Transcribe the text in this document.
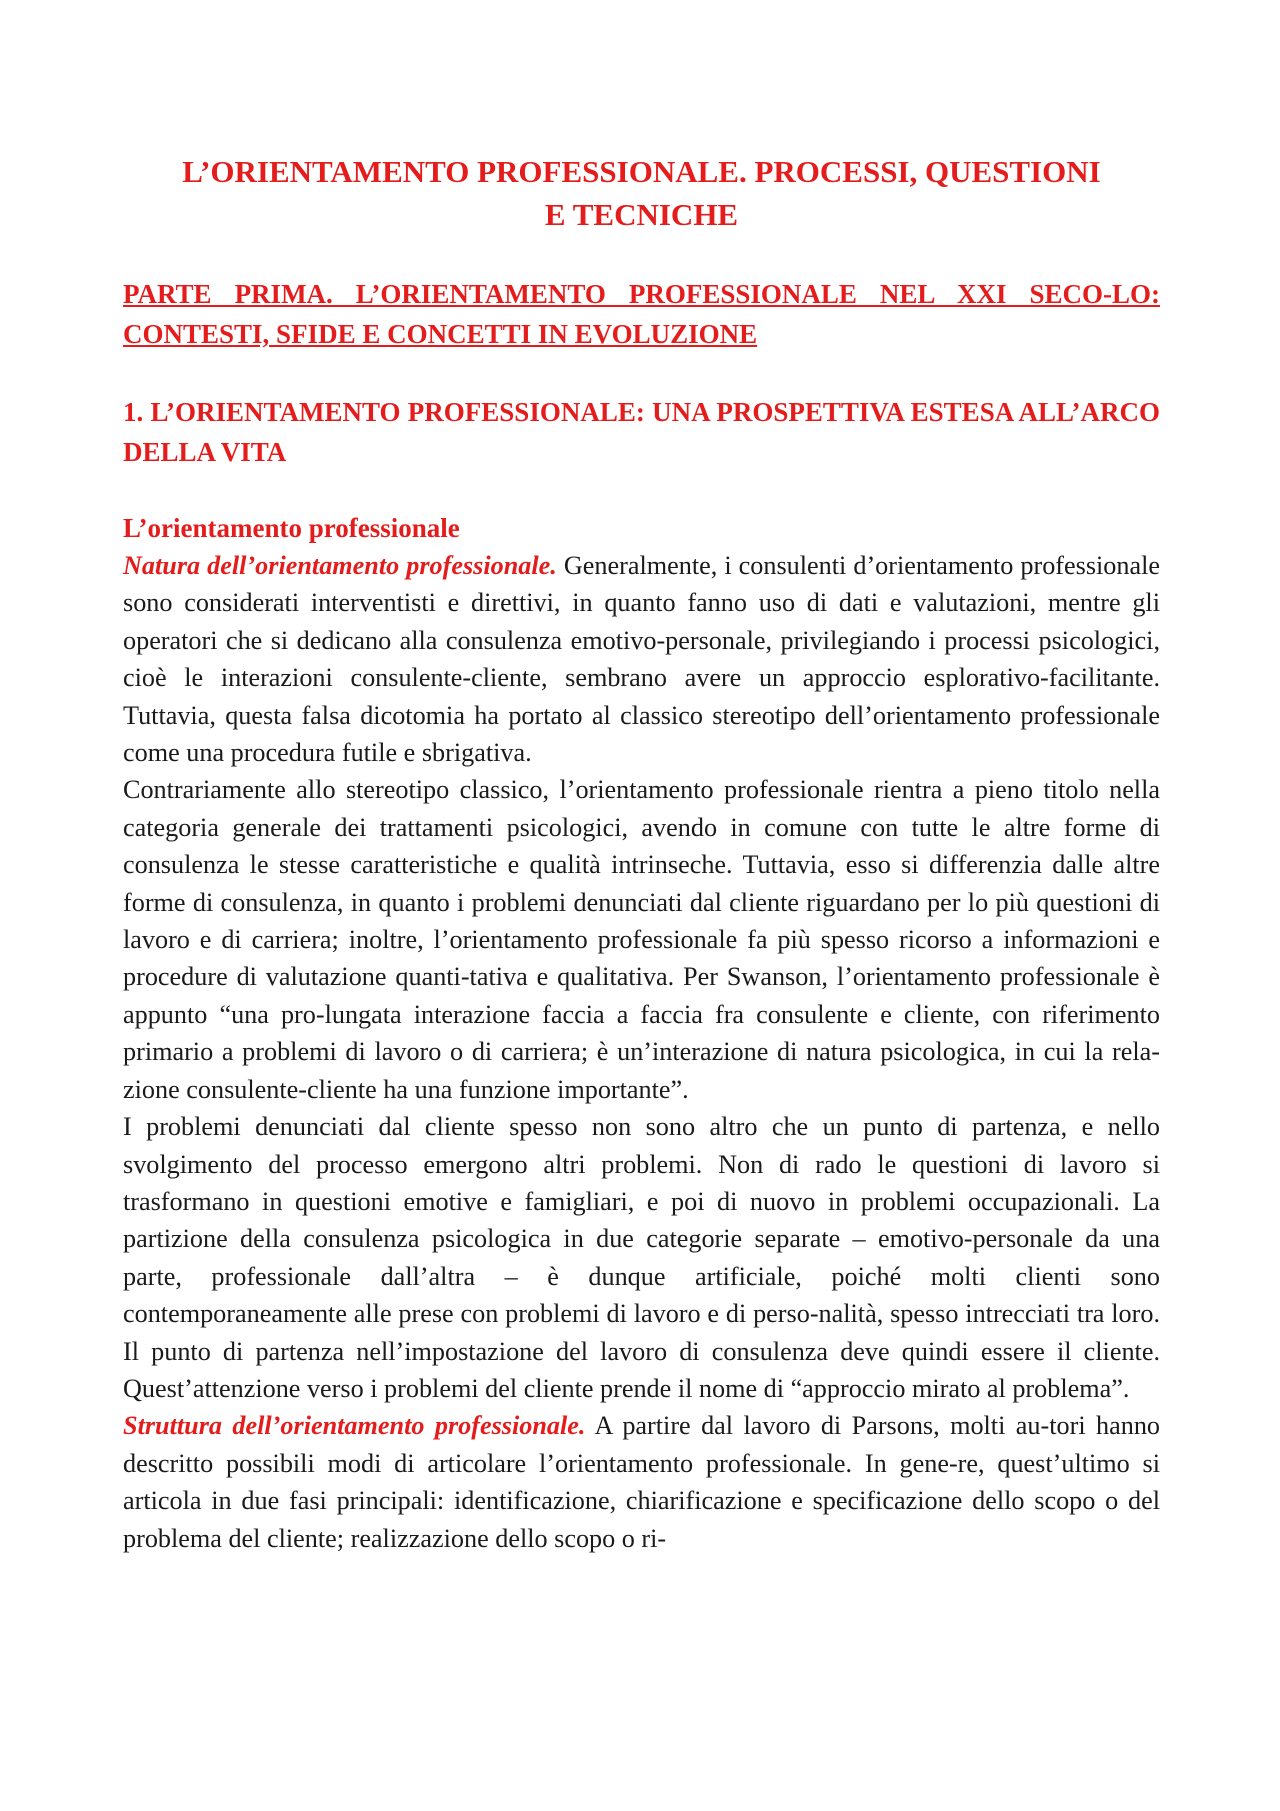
L’ORIENTAMENTO PROFESSIONALE. PROCESSI, QUESTIONI
E TECNICHE
PARTE PRIMA. L’ORIENTAMENTO PROFESSIONALE NEL XXI SECO-LO: CONTESTI, SFIDE E CONCETTI IN EVOLUZIONE
1. L’ORIENTAMENTO PROFESSIONALE: UNA PROSPETTIVA ESTESA ALL’ARCO DELLA VITA
L’orientamento professionale

Natura dell’orientamento professionale. Generalmente, i consulenti d’orientamento professionale sono considerati interventisti e direttivi, in quanto fanno uso di dati e valutazioni, mentre gli operatori che si dedicano alla consulenza emotivo-personale, privilegiando i processi psicologici, cioè le interazioni consulente-cliente, sembrano avere un approccio esplorativo-facilitante. Tuttavia, questa falsa dicotomia ha portato al classico stereotipo dell’orientamento professionale come una procedura futile e sbrigativa.

Contrariamente allo stereotipo classico, l’orientamento professionale rientra a pieno titolo nella categoria generale dei trattamenti psicologici, avendo in comune con tutte le altre forme di consulenza le stesse caratteristiche e qualità intrinseche. Tuttavia, esso si differenzia dalle altre forme di consulenza, in quanto i problemi denunciati dal cliente riguardano per lo più questioni di lavoro e di carriera; inoltre, l’orientamento professionale fa più spesso ricorso a informazioni e procedure di valutazione quanti-tativa e qualitativa. Per Swanson, l’orientamento professionale è appunto “una pro-lungata interazione faccia a faccia fra consulente e cliente, con riferimento primario a problemi di lavoro o di carriera; è un’interazione di natura psicologica, in cui la rela-zione consulente-cliente ha una funzione importante”.

I problemi denunciati dal cliente spesso non sono altro che un punto di partenza, e nello svolgimento del processo emergono altri problemi. Non di rado le questioni di lavoro si trasformano in questioni emotive e famigliari, e poi di nuovo in problemi occupazionali. La partizione della consulenza psicologica in due categorie separate – emotivo-personale da una parte, professionale dall’altra – è dunque artificiale, poiché molti clienti sono contemporaneamente alle prese con problemi di lavoro e di perso-nalità, spesso intrecciati tra loro. Il punto di partenza nell’impostazione del lavoro di consulenza deve quindi essere il cliente. Quest’attenzione verso i problemi del cliente prende il nome di “approccio mirato al problema”.

Struttura dell’orientamento professionale. A partire dal lavoro di Parsons, molti au-tori hanno descritto possibili modi di articolare l’orientamento professionale. In gene-re, quest’ultimo si articola in due fasi principali: identificazione, chiarificazione e specificazione dello scopo o del problema del cliente; realizzazione dello scopo o ri-
